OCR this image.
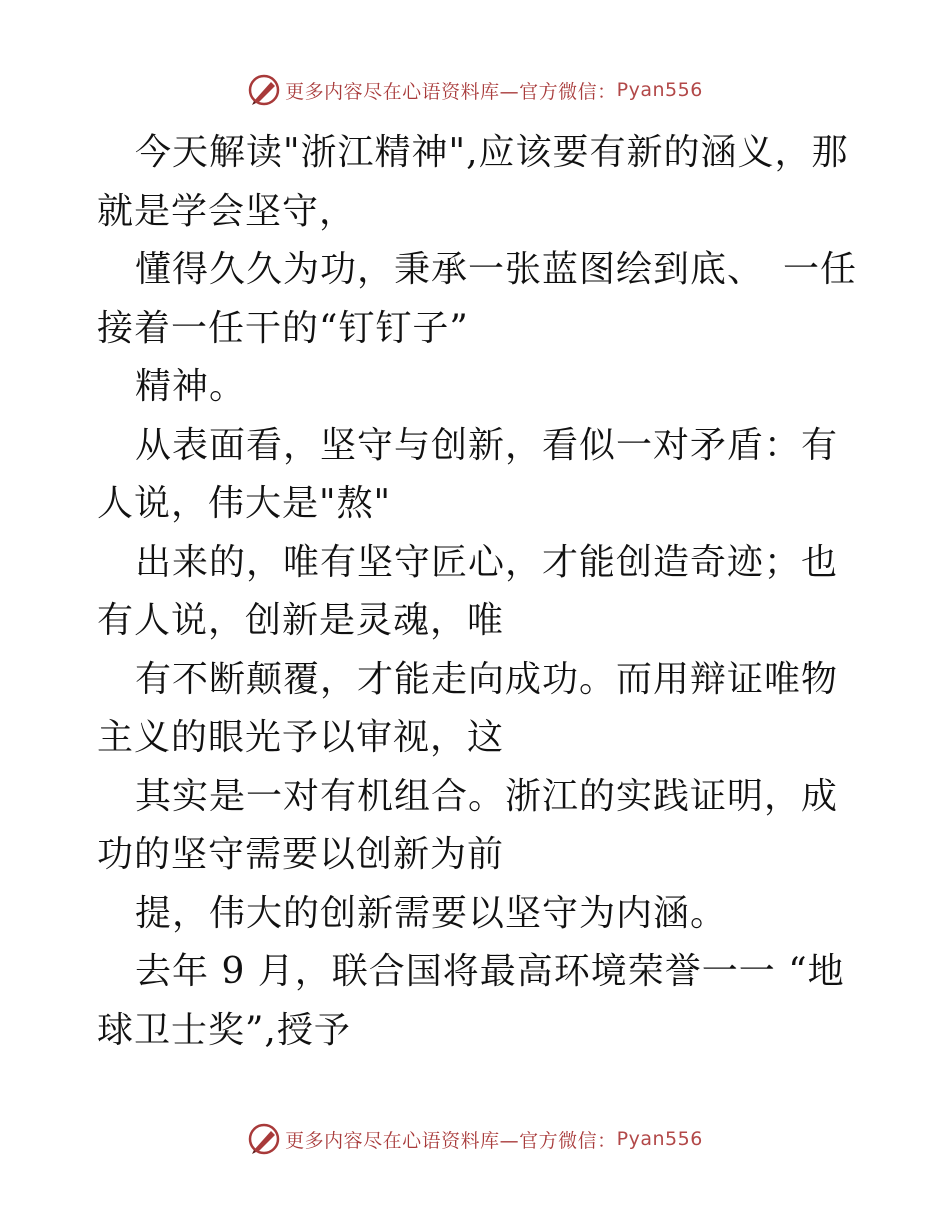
更多内容尽在心语资料库—官方微信： Pyan556

今天解读"浙江精神",应该要有新的涵义，那就是学会坚守，

懂得久久为功，秉承一张蓝图绘到底、　一任接着一任干的“钉钉子”

精神。

从表面看，坚守与创新，看似一对矛盾：有人说，伟大是"熬"

出来的，唯有坚守匠心，才能创造奇迹；也有人说，创新是灵魂，唯

有不断颠覆，才能走向成功。而用辩证唯物主义的眼光予以审视，这

其实是一对有机组合。浙江的实践证明，成功的坚守需要以创新为前

提，伟大的创新需要以坚守为内涵。

去年 9 月，联合国将最高环境荣誉一一 “地球卫士奖”,授予

更多内容尽在心语资料库—官方微信： Pyan556
